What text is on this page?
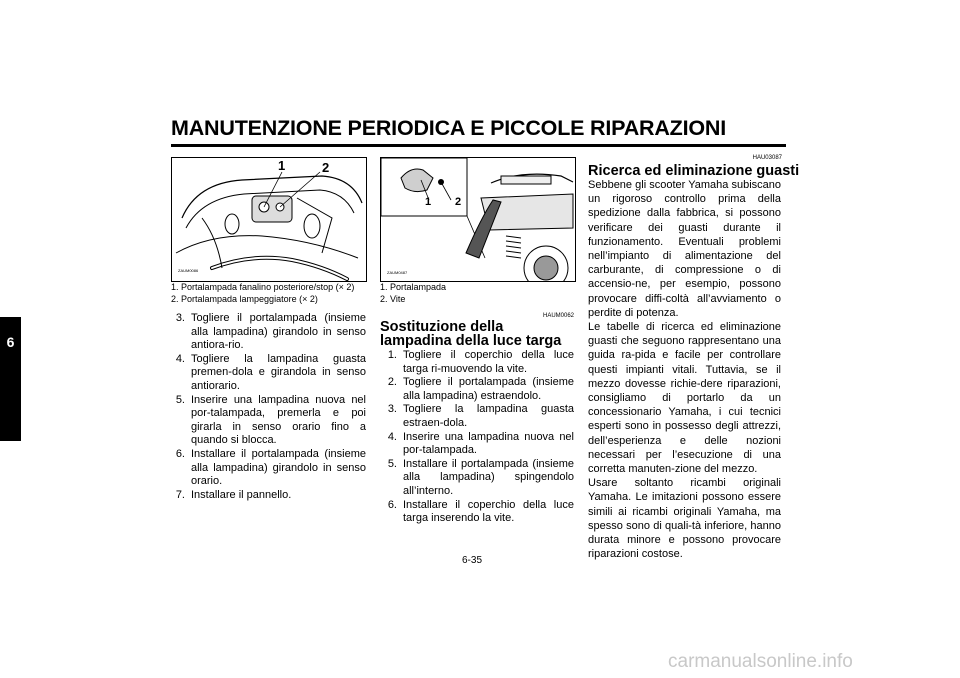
MANUTENZIONE PERIODICA E PICCOLE RIPARAZIONI
6
1	2
ZAUM0086
1. Portalampada fanalino posteriore/stop (× 2)
2. Portalampada lampeggiatore (× 2)
3. Togliere il portalampada (insieme alla lampadina) girandolo in senso antiora-rio.
4. Togliere la lampadina guasta premen-dola e girandola in senso antiorario.
5. Inserire una lampadina nuova nel por-talampada, premerla e poi girarla in senso orario fino a quando si blocca.
6. Installare il portalampada (insieme alla lampadina) girandolo in senso orario.
7. Installare il pannello.
1 2
ZAUM0487
1. Portalampada
2. Vite
HAUM0062
Sostituzione della lampadina della luce targa
1. Togliere il coperchio della luce targa ri-muovendo la vite.
2. Togliere il portalampada (insieme alla lampadina) estraendolo.
3. Togliere la lampadina guasta estraen-dola.
4. Inserire una lampadina nuova nel por-talampada.
5. Installare il portalampada (insieme alla lampadina) spingendolo all’interno.
6. Installare il coperchio della luce targa inserendo la vite.
HAU03087
Ricerca ed eliminazione guasti

Sebbene gli scooter Yamaha subiscano un rigoroso controllo prima della spedizione dalla fabbrica, si possono verificare dei guasti durante il funzionamento. Eventuali problemi nell’impianto di alimentazione del carburante, di compressione o di accensio-ne, per esempio, possono provocare diffi-coltà all’avviamento o perdite di potenza.

Le tabelle di ricerca ed eliminazione guasti che seguono rappresentano una guida ra-pida e facile per controllare questi impianti vitali. Tuttavia, se il mezzo dovesse richie-dere riparazioni, consigliamo di portarlo da un concessionario Yamaha, i cui tecnici esperti sono in possesso degli attrezzi, dell’esperienza e delle nozioni necessari per l’esecuzione di una corretta manuten-zione del mezzo.

Usare soltanto ricambi originali Yamaha. Le imitazioni possono essere simili ai ricambi originali Yamaha, ma spesso sono di quali-tà inferiore, hanno durata minore e possono provocare riparazioni costose.

6-35
carmanualsonline.info
